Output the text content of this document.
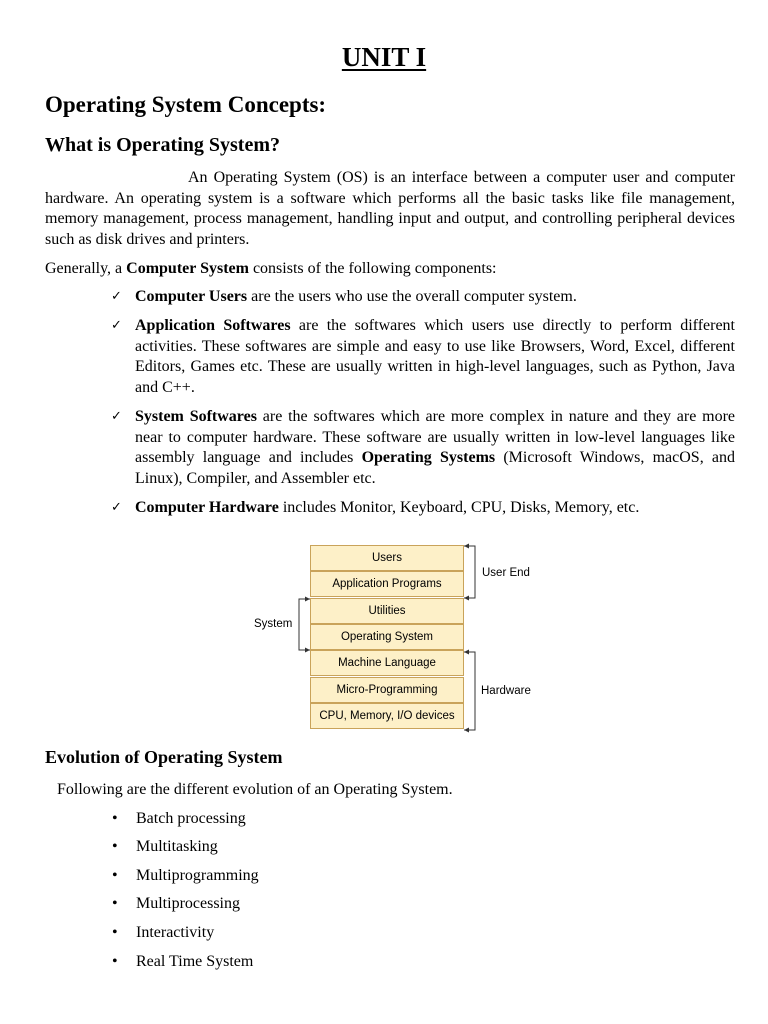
UNIT I
Operating System Concepts:
What is Operating System?
An Operating System (OS) is an interface between a computer user and computer hardware. An operating system is a software which performs all the basic tasks like file management, memory management, process management, handling input and output, and controlling peripheral devices such as disk drives and printers.
Generally, a Computer System consists of the following components:
✓ Computer Users are the users who use the overall computer system.
✓ Application Softwares are the softwares which users use directly to perform different activities. These softwares are simple and easy to use like Browsers, Word, Excel, different Editors, Games etc. These are usually written in high-level languages, such as Python, Java and C++.
✓ System Softwares are the softwares which are more complex in nature and they are more near to computer hardware. These software are usually written in low-level languages like assembly language and includes Operating Systems (Microsoft Windows, macOS, and Linux), Compiler, and Assembler etc.
✓ Computer Hardware includes Monitor, Keyboard, CPU, Disks, Memory, etc.
Users
Application Programs
Utilities
Operating System
Machine Language
Micro-Programming
CPU, Memory, I/O devices
User End
System
Hardware
Evolution of Operating System
Following are the different evolution of an Operating System.
• Batch processing
• Multitasking
• Multiprogramming
• Multiprocessing
• Interactivity
• Real Time System
